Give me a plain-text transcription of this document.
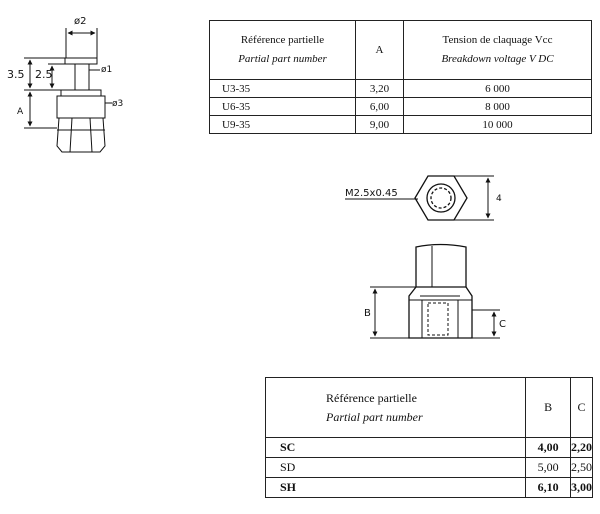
ø2
ø1
ø3
3.5 2.5
A
M2.5x0.45	4
B
C
Référence partielle
Partial part number	A	Tension de claquage Vcc
Breakdown voltage V DC

U3-35	3,20	6 000
U6-35	6,00	8 000
U9-35	9,00	10 000
Référence partielle
Partial part number	B	C
SC	4,00	2,20
SD	5,00	2,50
SH	6,10	3,00
